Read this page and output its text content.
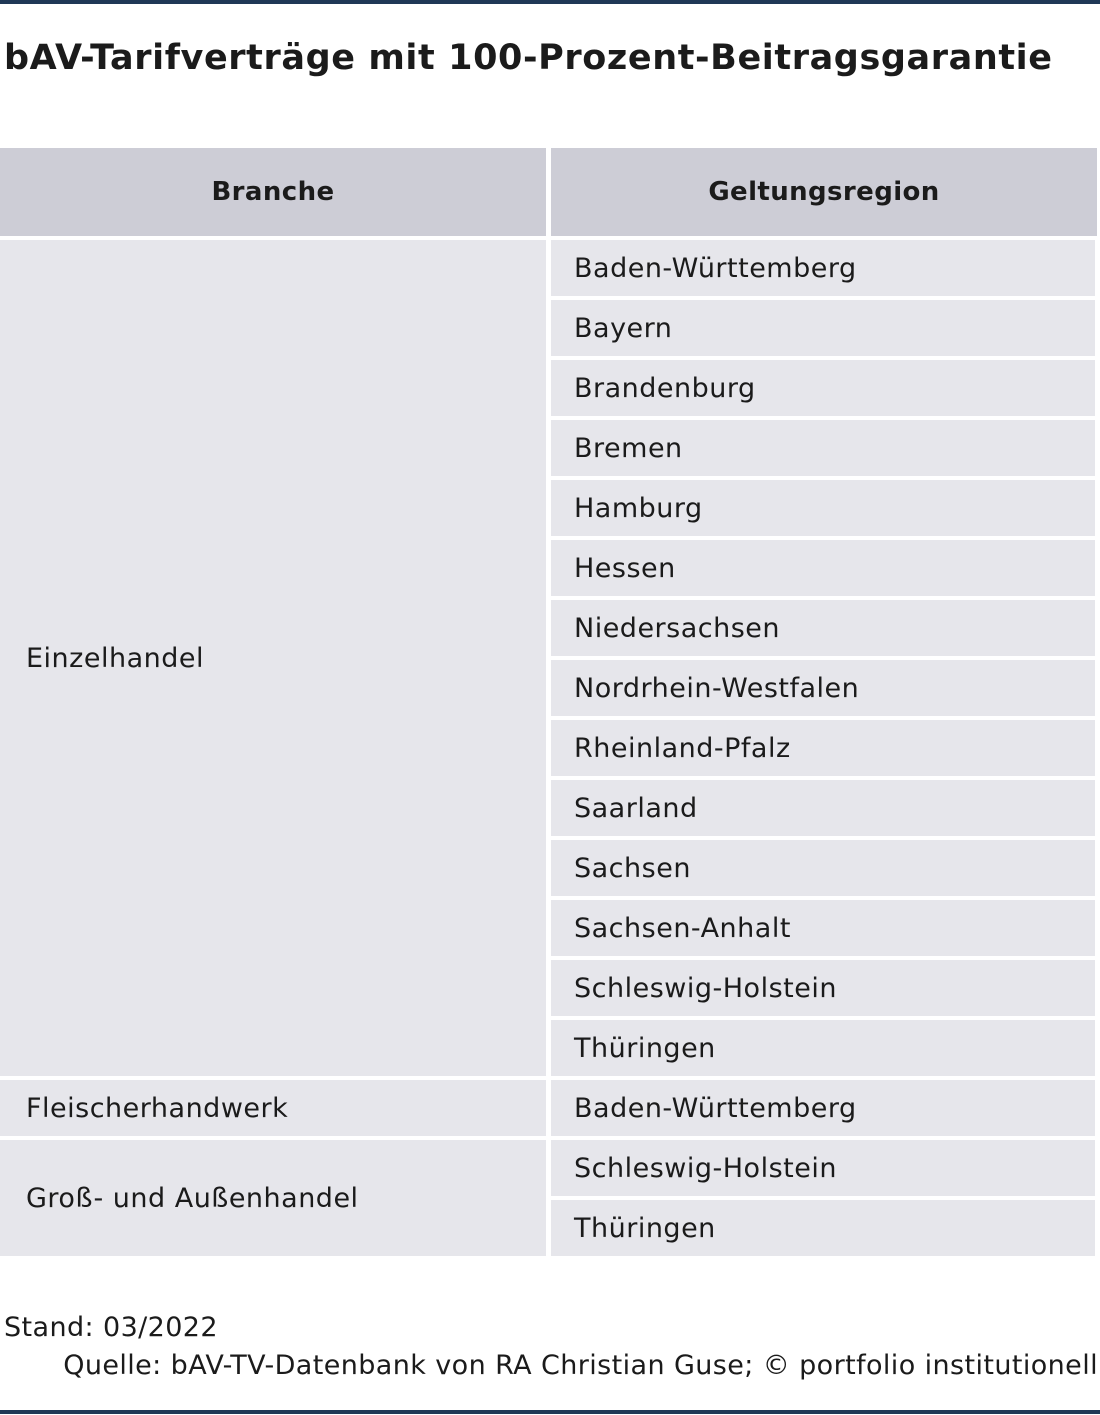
bAV-Tarifverträge mit 100-Prozent-Beitragsgarantie
Branche	Geltungsregion
Einzelhandel
Baden-Württemberg
Bayern
Brandenburg
Bremen
Hamburg
Hessen
Niedersachsen
Nordrhein-Westfalen
Rheinland-Pfalz
Saarland
Sachsen
Sachsen-Anhalt
Schleswig-Holstein
Thüringen
Fleischerhandwerk	Baden-Württemberg
Groß- und Außenhandel
Schleswig-Holstein
Thüringen
Stand: 03/2022
Quelle: bAV-TV-Datenbank von RA Christian Guse; © portfolio institutionell
